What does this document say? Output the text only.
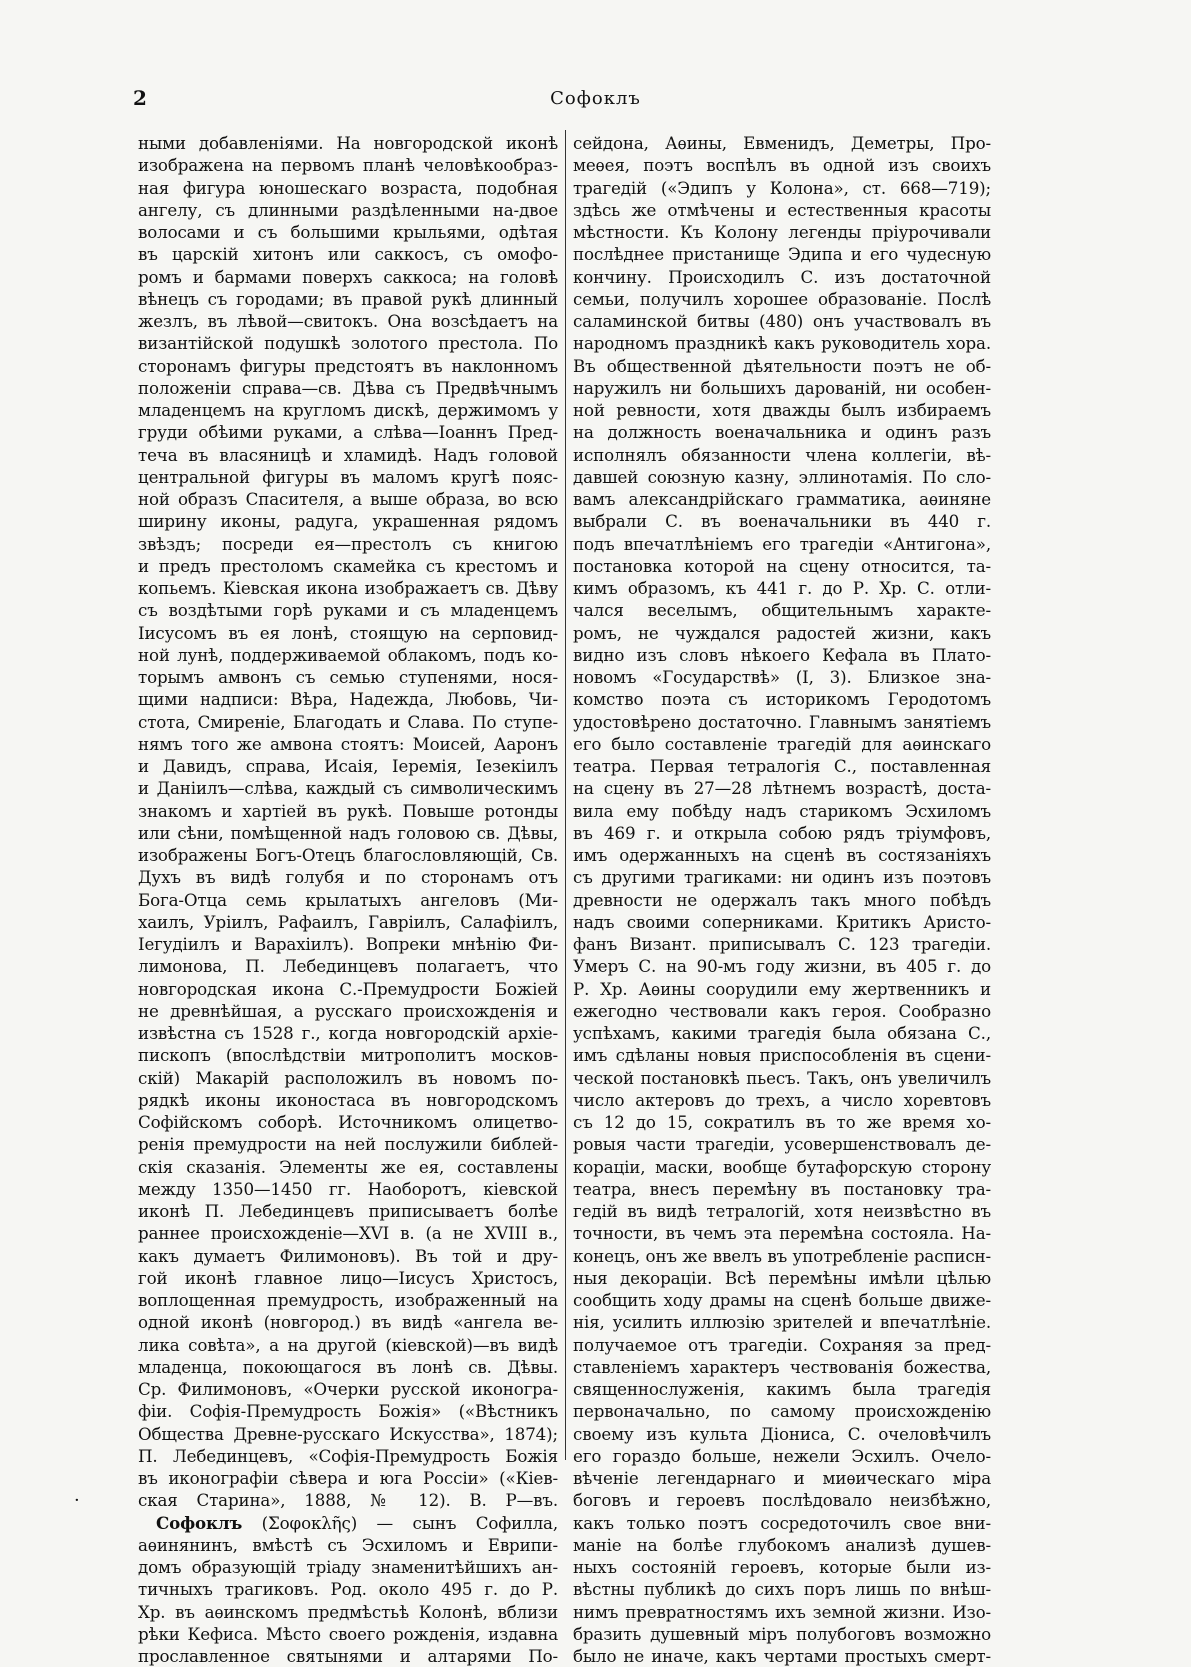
2	Софоклъ
ными добавленіями. На новгородской иконѣ
изображена на первомъ планѣ человѣкообраз-
ная фигура юношескаго возраста, подобная
ангелу, съ длинными раздѣленными на-двое
волосами и съ большими крыльями, одѣтая
въ царскій хитонъ или саккосъ, съ омофо-
ромъ и бармами поверхъ саккоса; на головѣ
вѣнецъ съ городами; въ правой рукѣ длинный
жезлъ, въ лѣвой—свитокъ. Она возсѣдаетъ на
византійской подушкѣ золотого престола. По
сторонамъ фигуры предстоятъ въ наклонномъ
положеніи справа—св. Дѣва съ Предвѣчнымъ
младенцемъ на кругломъ дискѣ, держимомъ у
груди обѣими руками, а слѣва—Іоаннъ Пред-
теча въ власяницѣ и хламидѣ. Надъ головой
центральной фигуры въ маломъ кругѣ пояс-
ной образъ Спасителя, а выше образа, во всю
ширину иконы, радуга, украшенная рядомъ
звѣздъ; посреди ея—престолъ съ книгою
и предъ престоломъ скамейка съ крестомъ и
копьемъ. Кіевская икона изображаетъ св. Дѣву
съ воздѣтыми горѣ руками и съ младенцемъ
Іисусомъ въ ея лонѣ, стоящую на серповид-
ной лунѣ, поддерживаемой облакомъ, подъ ко-
торымъ амвонъ съ семью ступенями, нося-
щими надписи: Вѣра, Надежда, Любовь, Чи-
стота, Смиреніе, Благодать и Слава. По ступе-
нямъ того же амвона стоятъ: Моисей, Ааронъ
и Давидъ, справа, Исаія, Іеремія, Іезекіилъ
и Даніилъ—слѣва, каждый съ символическимъ
знакомъ и хартіей въ рукѣ. Повыше ротонды
или сѣни, помѣщенной надъ головою св. Дѣвы,
изображены Богъ-Отецъ благословляющій, Св.
Духъ въ видѣ голубя и по сторонамъ отъ
Бога-Отца семь крылатыхъ ангеловъ (Ми-
хаилъ, Уріилъ, Рафаилъ, Гавріилъ, Салафіилъ,
Іегудіилъ и Варахіилъ). Вопреки мнѣнію Фи-
лимонова, П. Лебединцевъ полагаетъ, что
новгородская икона С.-Премудрости Божіей
не древнѣйшая, а русскаго происхожденія и
извѣстна съ 1528 г., когда новгородскій архіе-
пископъ (впослѣдствіи митрополитъ москов-
скій) Макарій расположилъ въ новомъ по-
рядкѣ иконы иконостаса въ новгородскомъ
Софійскомъ соборѣ. Источникомъ олицетво-
ренія премудрости на ней послужили библей-
скія сказанія. Элементы же ея, составлены
между 1350—1450 гг. Наоборотъ, кіевской
иконѣ П. Лебединцевъ приписываетъ болѣе
раннее происхожденіе—XVI в. (а не XVIII в.,
какъ думаетъ Филимоновъ). Въ той и дру-
гой иконѣ главное лицо—Іисусъ Христосъ,
воплощенная премудрость, изображенный на
одной иконѣ (новгород.) въ видѣ «ангела ве-
лика совѣта», а на другой (кіевской)—въ видѣ
младенца, покоющагося въ лонѣ св. Дѣвы.
Ср. Филимоновъ, «Очерки русской иконогра-
фіи. Софія-Премудрость Божія» («Вѣстникъ
Общества Древне-русскаго Искусства», 1874);
П. Лебединцевъ, «Софія-Премудрость Божія
въ иконографіи сѣвера и юга Россіи» («Кіев-
ская Старина», 1888, № 12). В. Р—въ.
Софоклъ (Σοφοκλῆς) — сынъ Софилла,
аѳинянинъ, вмѣстѣ съ Эсхиломъ и Еврипи-
домъ образующій тріаду знаменитѣйшихъ ан-
тичныхъ трагиковъ. Род. около 495 г. до Р.
Хр. въ аѳинскомъ предмѣстьѣ Колонѣ, вблизи
рѣки Кефиса. Мѣсто своего рожденія, издавна
прославленное святынями и алтарями По-
сейдона, Аѳины, Евменидъ, Деметры, Про-
меѳея, поэтъ воспѣлъ въ одной изъ своихъ
трагедій («Эдипъ у Колона», ст. 668—719);
здѣсь же отмѣчены и естественныя красоты
мѣстности. Къ Колону легенды пріурочивали
послѣднее пристанище Эдипа и его чудесную
кончину. Происходилъ С. изъ достаточной
семьи, получилъ хорошее образованіе. Послѣ
саламинской битвы (480) онъ участвовалъ въ
народномъ праздникѣ какъ руководитель хора.
Въ общественной дѣятельности поэтъ не об-
наружилъ ни большихъ дарованій, ни особен-
ной ревности, хотя дважды былъ избираемъ
на должность военачальника и одинъ разъ
исполнялъ обязанности члена коллегіи, вѣ-
давшей союзную казну, эллинотамія. По сло-
вамъ александрійскаго грамматика, аѳиняне
выбрали С. въ военачальники въ 440 г.
подъ впечатлѣніемъ его трагедіи «Антигона»,
постановка которой на сцену относится, та-
кимъ образомъ, къ 441 г. до Р. Хр. С. отли-
чался веселымъ, общительнымъ характе-
ромъ, не чуждался радостей жизни, какъ
видно изъ словъ нѣкоего Кефала въ Плато-
новомъ «Государствѣ» (I, 3). Близкое зна-
комство поэта съ историкомъ Геродотомъ
удостовѣрено достаточно. Главнымъ занятіемъ
его было составленіе трагедій для аѳинскаго
театра. Первая тетралогія С., поставленная
на сцену въ 27—28 лѣтнемъ возрастѣ, доста-
вила ему побѣду надъ старикомъ Эсхиломъ
въ 469 г. и открыла собою рядъ тріумфовъ,
имъ одержанныхъ на сценѣ въ состязаніяхъ
съ другими трагиками: ни одинъ изъ поэтовъ
древности не одержалъ такъ много побѣдъ
надъ своими соперниками. Критикъ Аристо-
фанъ Визант. приписывалъ С. 123 трагедіи.
Умеръ С. на 90-мъ году жизни, въ 405 г. до
Р. Хр. Аѳины соорудили ему жертвенникъ и
ежегодно чествовали какъ героя. Сообразно
успѣхамъ, какими трагедія была обязана С.,
имъ сдѣланы новыя приспособленія въ сцени-
ческой постановкѣ пьесъ. Такъ, онъ увеличилъ
число актеровъ до трехъ, а число хоревтовъ
съ 12 до 15, сократилъ въ то же время хо-
ровыя части трагедіи, усовершенствовалъ де-
кораціи, маски, вообще бутафорскую сторону
театра, внесъ перемѣну въ постановку тра-
гедій въ видѣ тетралогій, хотя неизвѣстно въ
точности, въ чемъ эта перемѣна состояла. На-
конецъ, онъ же ввелъ въ употребленіе расписн-
ныя декораціи. Всѣ перемѣны имѣли цѣлью
сообщить ходу драмы на сценѣ больше движе-
нія, усилить иллюзію зрителей и впечатлѣніе.
получаемое отъ трагедіи. Сохраняя за пред-
ставленіемъ характеръ чествованія божества,
священнослуженія, какимъ была трагедія
первоначально, по самому происхожденію
своему изъ культа Діониса, С. очеловѣчилъ
его гораздо больше, нежели Эсхилъ. Очело-
вѣченіе легендарнаго и миѳическаго міра
боговъ и героевъ послѣдовало неизбѣжно,
какъ только поэтъ сосредоточилъ свое вни-
маніе на болѣе глубокомъ анализѣ душев-
ныхъ состояній героевъ, которые были из-
вѣстны публикѣ до сихъ поръ лишь по внѣш-
нимъ превратностямъ ихъ земной жизни. Изо-
бразить душевный міръ полубоговъ возможно
было не иначе, какъ чертами простыхъ смерт-
·
